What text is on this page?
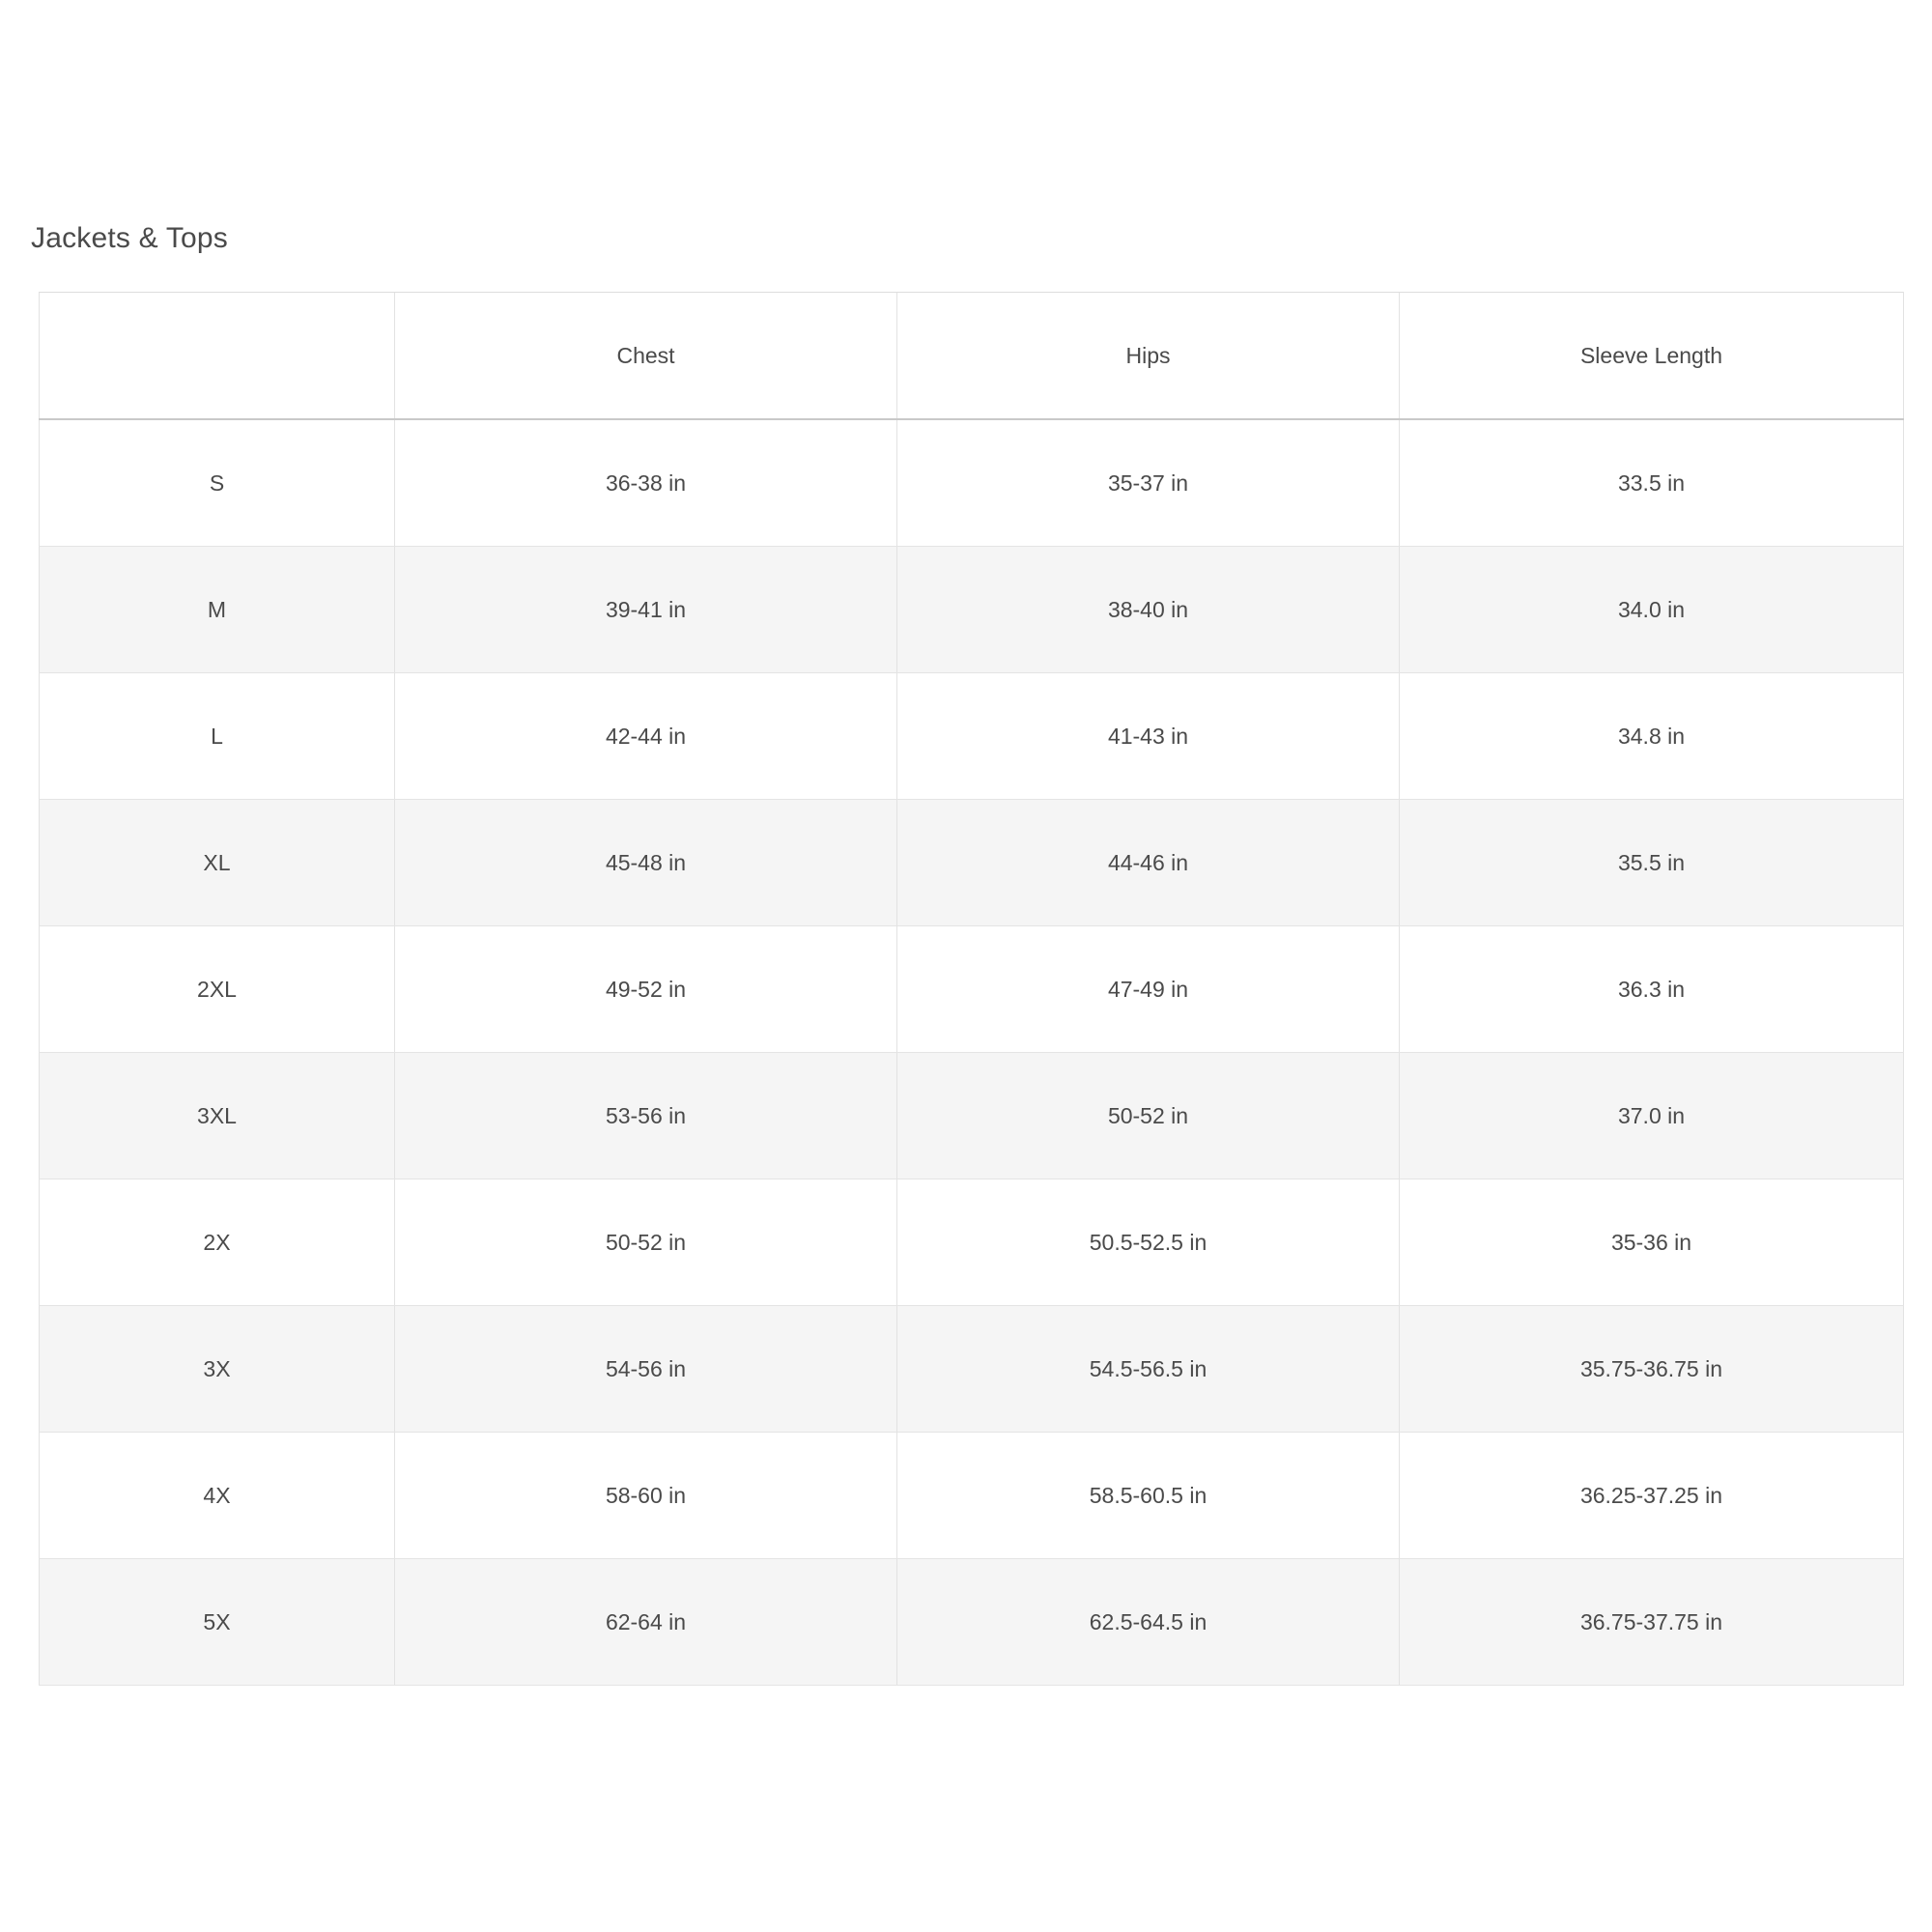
Jackets & Tops
	Chest	Hips	Sleeve Length
S	36-38 in	35-37 in	33.5 in
M	39-41 in	38-40 in	34.0 in
L	42-44 in	41-43 in	34.8 in
XL	45-48 in	44-46 in	35.5 in
2XL	49-52 in	47-49 in	36.3 in
3XL	53-56 in	50-52 in	37.0 in
2X	50-52 in	50.5-52.5 in	35-36 in
3X	54-56 in	54.5-56.5 in	35.75-36.75 in
4X	58-60 in	58.5-60.5 in	36.25-37.25 in
5X	62-64 in	62.5-64.5 in	36.75-37.75 in
